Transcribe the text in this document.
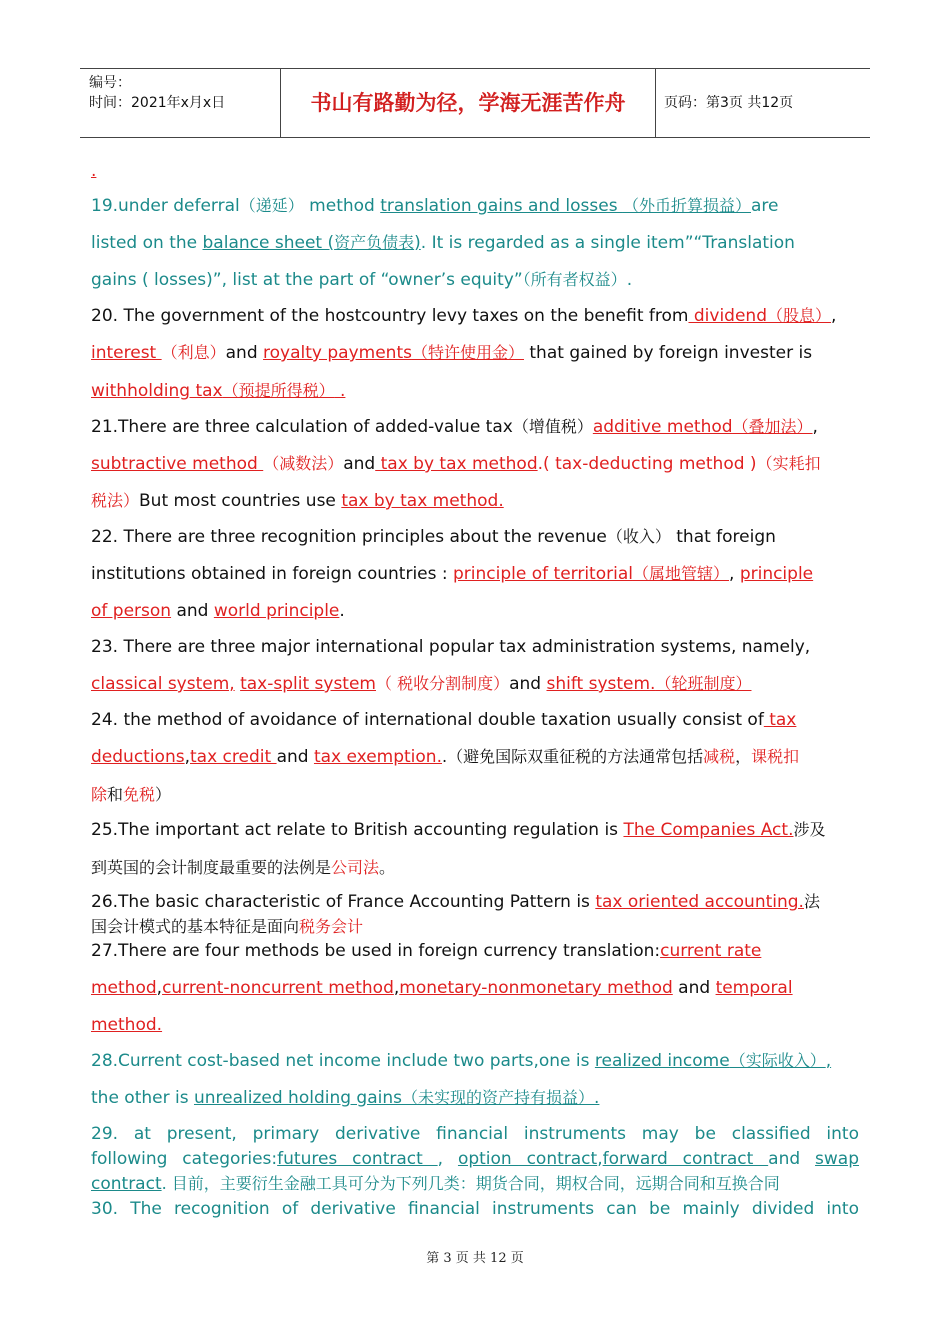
编号：
时间：2021年x月x日	书山有路勤为径，学海无涯苦作舟	页码：第3页 共12页
.
19.under deferral（递延） method translation gains and losses （外币折算损益）are
listed on the balance sheet (资产负债表). It is regarded as a single item”“Translation
gains ( losses)”, list at the part of “owner’s equity”（所有者权益）.
20. The government of the hostcountry levy taxes on the benefit from dividend（股息）,
interest （利息）and royalty payments（特许使用金） that gained by foreign invester is
withholding tax（预提所得税） .
21.There are three calculation of added-value tax（增值税）additive method（叠加法）,
subtractive method （减数法）and tax by tax method.( tax-deducting method )（实耗扣
税法）But most countries use tax by tax method.
22. There are three recognition principles about the revenue（收入） that foreign
institutions obtained in foreign countries : principle of territorial（属地管辖）, principle
of person and world principle.
23. There are three major international popular tax administration systems, namely,
classical system, tax-split system（ 税收分割制度）and shift system.（轮班制度）
24. the method of avoidance of international double taxation usually consist of tax
deductions,tax credit and tax exemption..（避免国际双重征税的方法通常包括减税，课税扣
除和免税）
25.The important act relate to British accounting regulation is The Companies Act.涉及
到英国的会计制度最重要的法例是公司法。
26.The basic characteristic of France Accounting Pattern is tax oriented accounting.法
国会计模式的基本特征是面向税务会计
27.There are four methods be used in foreign currency translation:current rate
method,current-noncurrent method,monetary-nonmonetary method and temporal
method.
28.Current cost-based net income include two parts,one is realized income（实际收入）,
the other is unrealized holding gains（未实现的资产持有损益）.
29. at present, primary derivative financial instruments may be classified into
following categories:futures contract , option contract,forward contract and swap
contract. 目前，主要衍生金融工具可分为下列几类：期货合同，期权合同，远期合同和互换合同
30. The recognition of derivative financial instruments can be mainly divided into
第 3 页 共 12 页
